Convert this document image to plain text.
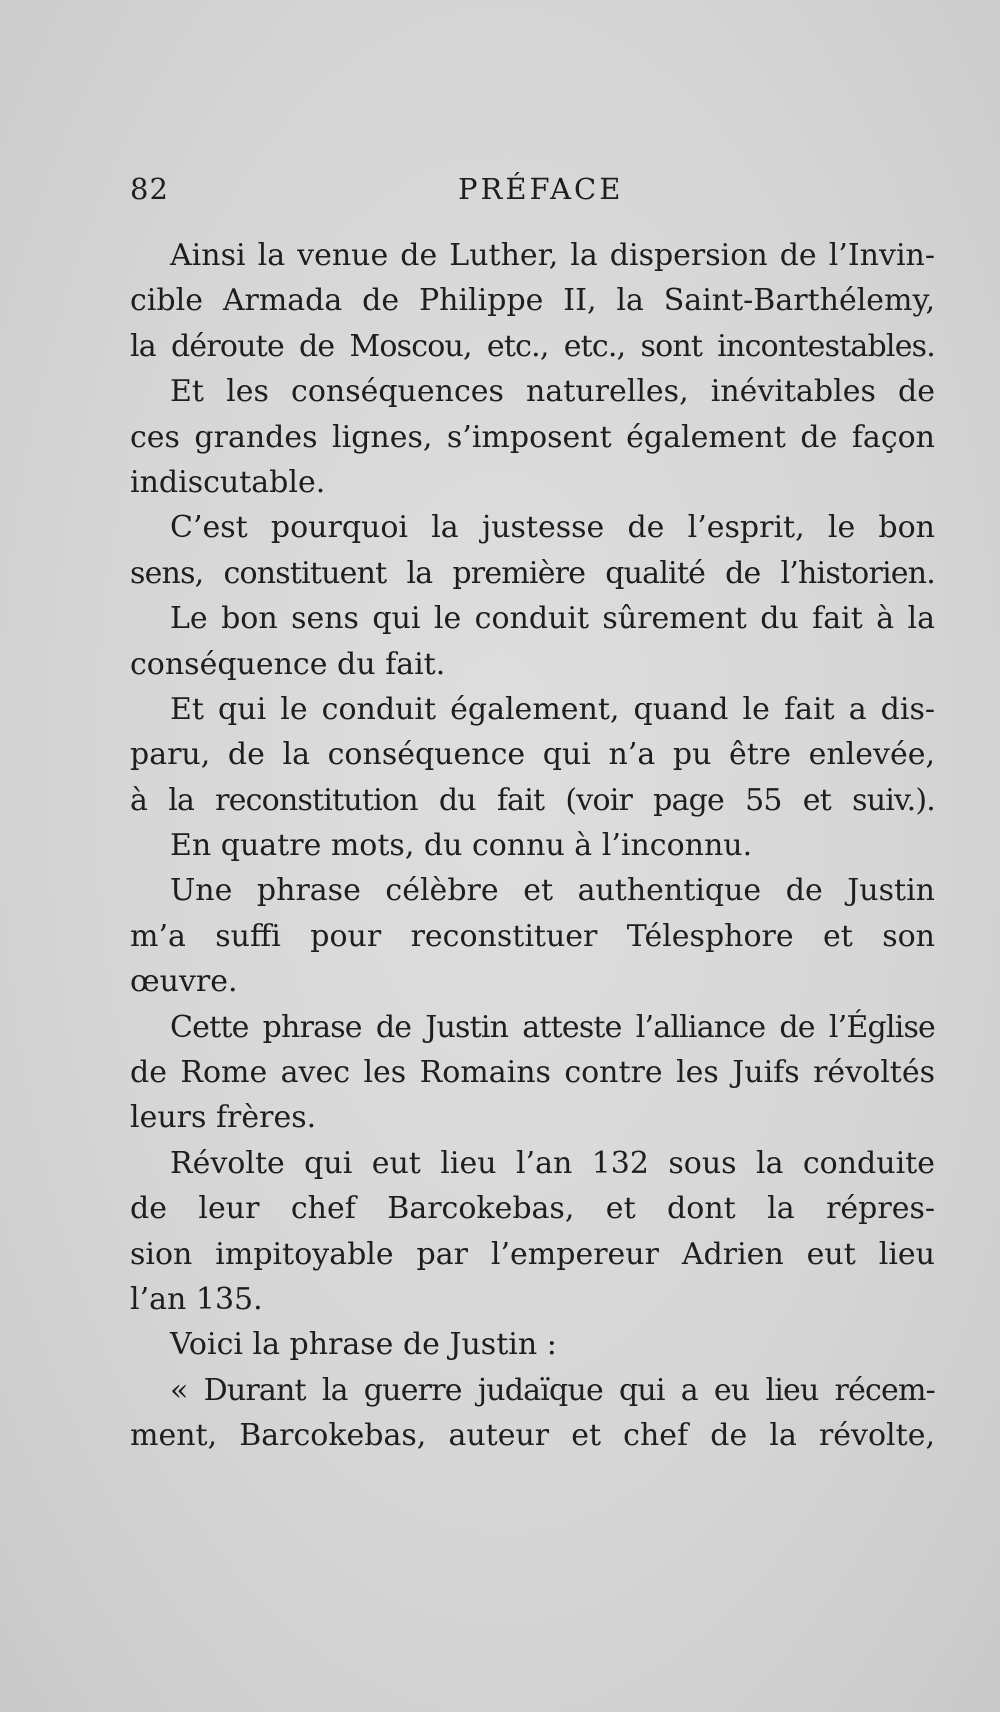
82	PRÉFACE
Ainsi la venue de Luther, la dispersion de l’Invin-
cible Armada de Philippe II, la Saint-Barthélemy,
la déroute de Moscou, etc., etc., sont incontestables.
Et les conséquences naturelles, inévitables de
ces grandes lignes, s’imposent également de façon
indiscutable.
C’est pourquoi la justesse de l’esprit, le bon
sens, constituent la première qualité de l’historien.
Le bon sens qui le conduit sûrement du fait à la
conséquence du fait.
Et qui le conduit également, quand le fait a dis-
paru, de la conséquence qui n’a pu être enlevée,
à la reconstitution du fait (voir page 55 et suiv.).
En quatre mots, du connu à l’inconnu.
Une phrase célèbre et authentique de Justin
m’a suffi pour reconstituer Télesphore et son
œuvre.
Cette phrase de Justin atteste l’alliance de l’Église
de Rome avec les Romains contre les Juifs révoltés
leurs frères.
Révolte qui eut lieu l’an 132 sous la conduite
de leur chef Barcokebas, et dont la répres-
sion impitoyable par l’empereur Adrien eut lieu
l’an 135.
Voici la phrase de Justin :
« Durant la guerre judaïque qui a eu lieu récem-
ment, Barcokebas, auteur et chef de la révolte,
